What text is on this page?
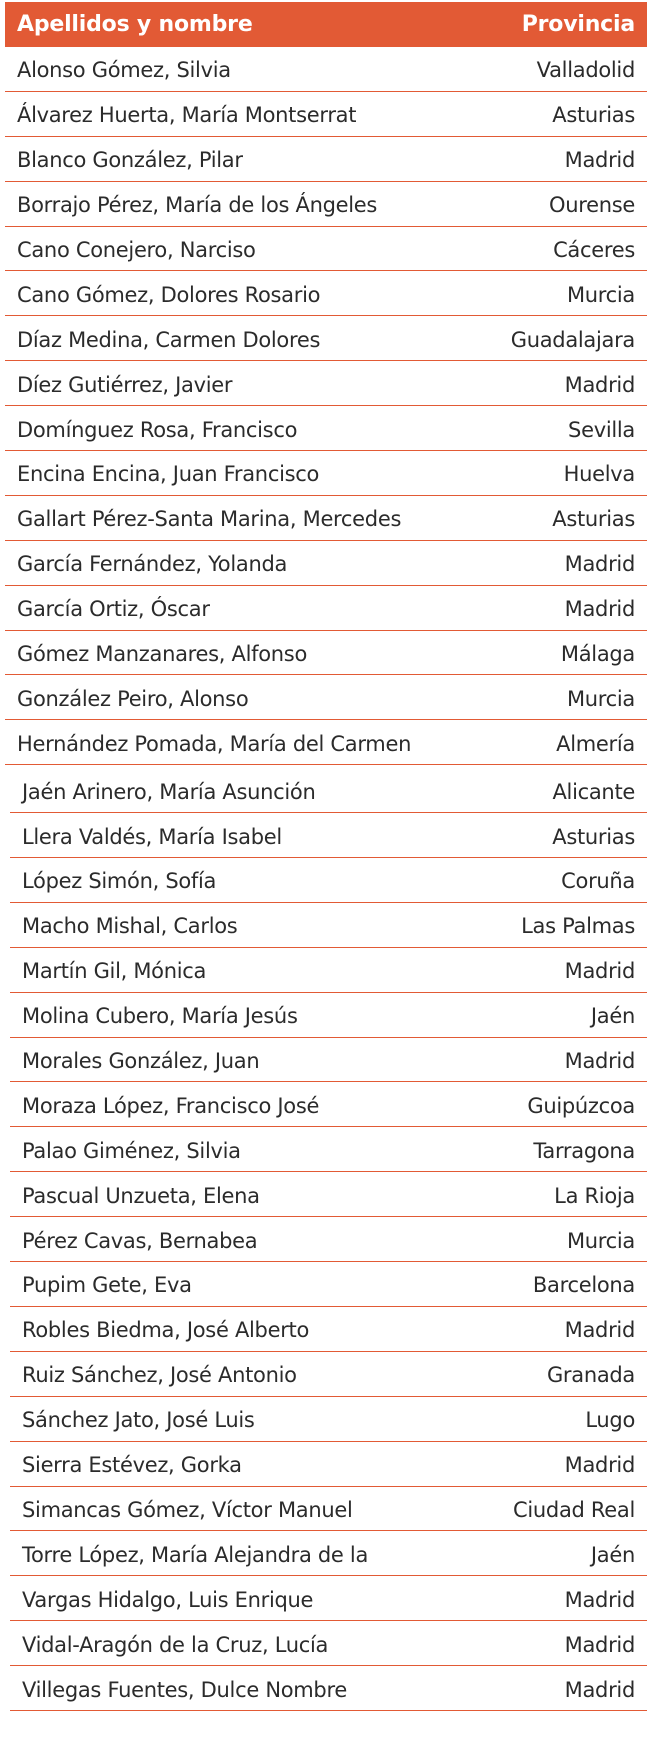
Apellidos y nombre	Provincia
Alonso Gómez, Silvia	Valladolid
Álvarez Huerta, María Montserrat	Asturias
Blanco González, Pilar	Madrid
Borrajo Pérez, María de los Ángeles	Ourense
Cano Conejero, Narciso	Cáceres
Cano Gómez, Dolores Rosario	Murcia
Díaz Medina, Carmen Dolores	Guadalajara
Díez Gutiérrez, Javier	Madrid
Domínguez Rosa, Francisco	Sevilla
Encina Encina, Juan Francisco	Huelva
Gallart Pérez-Santa Marina, Mercedes	Asturias
García Fernández, Yolanda	Madrid
García Ortiz, Óscar	Madrid
Gómez Manzanares, Alfonso	Málaga
González Peiro, Alonso	Murcia
Hernández Pomada, María del Carmen	Almería
Jaén Arinero, María Asunción	Alicante
Llera Valdés, María Isabel	Asturias
López Simón, Sofía	Coruña
Macho Mishal, Carlos	Las Palmas
Martín Gil, Mónica	Madrid
Molina Cubero, María Jesús	Jaén
Morales González, Juan	Madrid
Moraza López, Francisco José	Guipúzcoa
Palao Giménez, Silvia	Tarragona
Pascual Unzueta, Elena	La Rioja
Pérez Cavas, Bernabea	Murcia
Pupim Gete, Eva	Barcelona
Robles Biedma, José Alberto	Madrid
Ruiz Sánchez, José Antonio	Granada
Sánchez Jato, José Luis	Lugo
Sierra Estévez, Gorka	Madrid
Simancas Gómez, Víctor Manuel	Ciudad Real
Torre López, María Alejandra de la	Jaén
Vargas Hidalgo, Luis Enrique	Madrid
Vidal-Aragón de la Cruz, Lucía	Madrid
Villegas Fuentes, Dulce Nombre	Madrid
